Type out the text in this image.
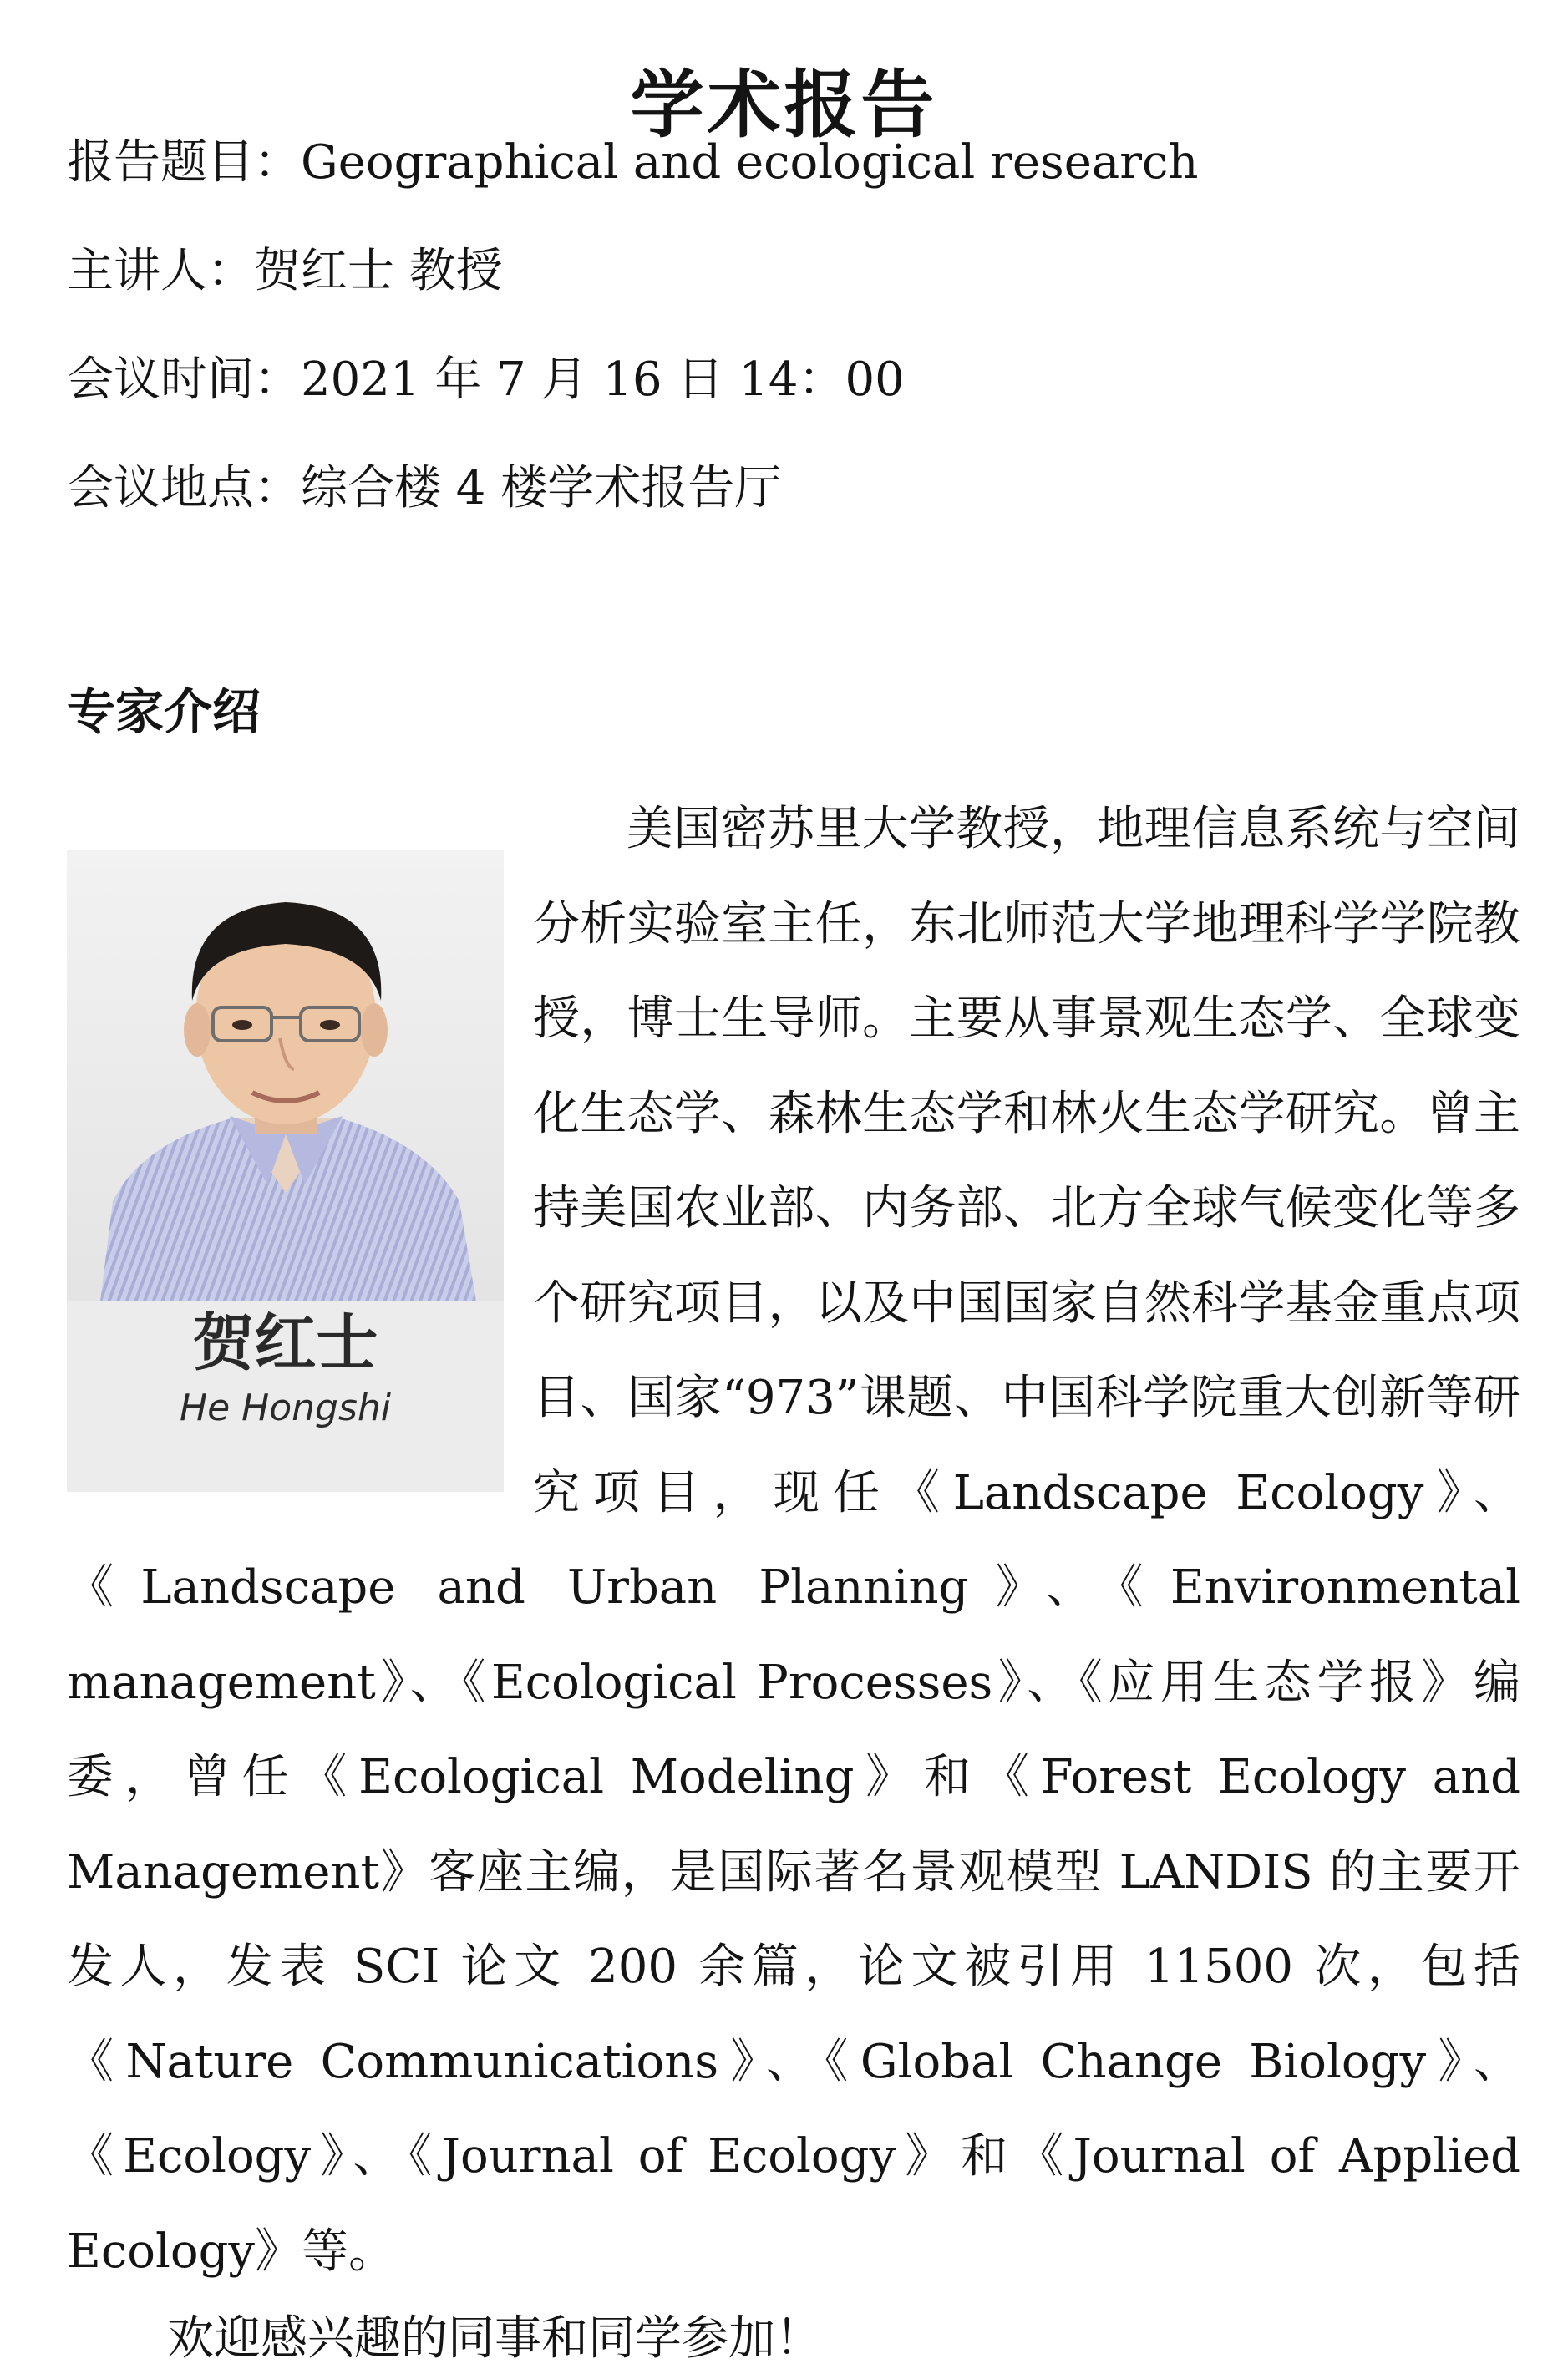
学术报告
报告题目：Geographical and ecological research
主讲人：贺红士 教授
会议时间：2021 年 7 月 16 日 14：00
会议地点：综合楼 4 楼学术报告厅
专家介绍
美国密苏里大学教授，地理信息系统与空间分析实验室主任，东北师范大学地理科学学院教授，博士生导师。主要从事景观生态学、全球变化生态学、森林生态学和林火生态学研究。曾主持美国农业部、内务部、北方全球气候变化等多个研究项目，以及中国国家自然科学基金重点项目、国家“973”课题、中国科学院重大创新等研究项目，现任《Landscape Ecology》、《Landscape and Urban Planning》、《Environmental management》、《Ecological Processes》、《应用生态学报》编委，曾任《Ecological Modeling》和《Forest Ecology and Management》客座主编，是国际著名景观模型 LANDIS 的主要开发人，发表 SCI 论文 200 余篇，论文被引用 11500 次，包括《Nature Communications》、《Global Change Biology》、《Ecology》、《Journal of Ecology》和《Journal of Applied Ecology》等。
贺红士
He Hongshi
欢迎感兴趣的同事和同学参加！
